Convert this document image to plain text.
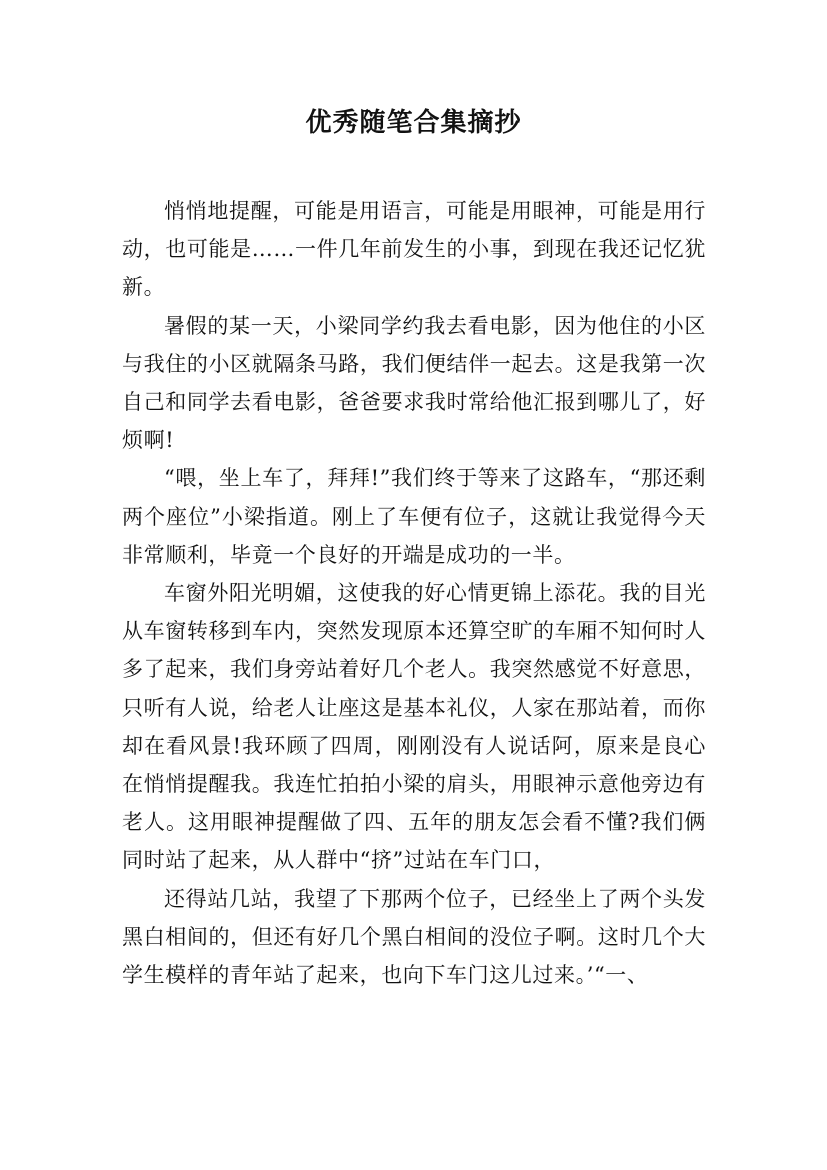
优秀随笔合集摘抄

悄悄地提醒，可能是用语言，可能是用眼神，可能是用行动，也可能是……一件几年前发生的小事，到现在我还记忆犹新。

暑假的某一天，小梁同学约我去看电影，因为他住的小区与我住的小区就隔条马路，我们便结伴一起去。这是我第一次自己和同学去看电影，爸爸要求我时常给他汇报到哪儿了，好烦啊!

“喂，坐上车了，拜拜!”我们终于等来了这路车，“那还剩两个座位”小梁指道。刚上了车便有位子，这就让我觉得今天非常顺利，毕竟一个良好的开端是成功的一半。

车窗外阳光明媚，这使我的好心情更锦上添花。我的目光从车窗转移到车内，突然发现原本还算空旷的车厢不知何时人多了起来，我们身旁站着好几个老人。我突然感觉不好意思，只听有人说，给老人让座这是基本礼仪，人家在那站着，而你却在看风景!我环顾了四周，刚刚没有人说话阿，原来是良心在悄悄提醒我。我连忙拍拍小梁的肩头，用眼神示意他旁边有老人。这用眼神提醒做了四、五年的朋友怎会看不懂?我们俩同时站了起来，从人群中“挤”过站在车门口，

还得站几站，我望了下那两个位子，已经坐上了两个头发黑白相间的，但还有好几个黑白相间的没位子啊。这时几个大学生模样的青年站了起来，也向下车门这儿过来。’“一、
